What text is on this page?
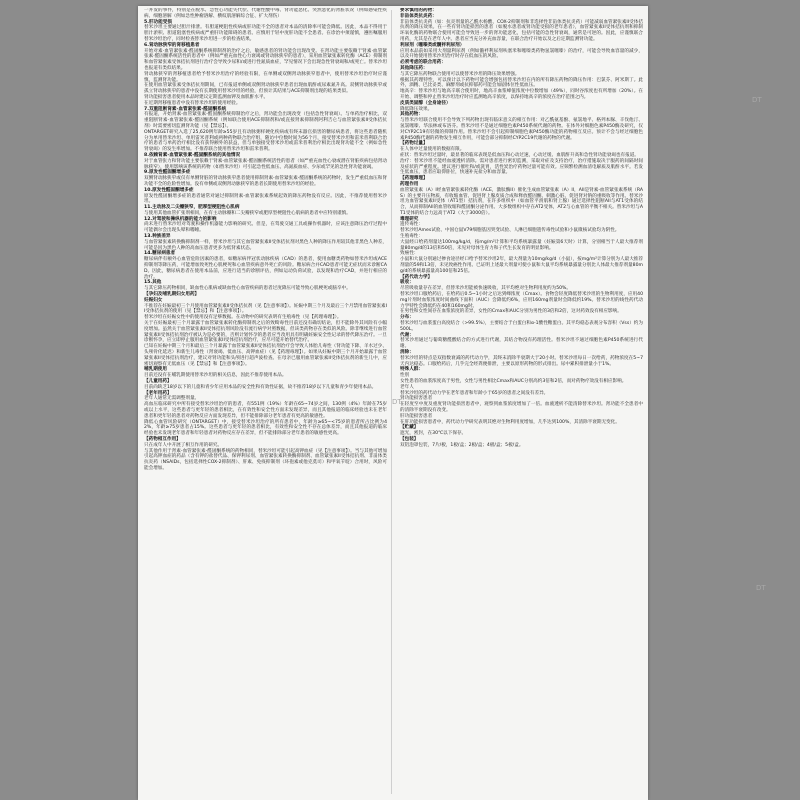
一并发的事件，特别是在脱水、急性心功能失代偿、代谢性酸中毒、肾功能恶化、突然恶化的肾脏状况（例如感染性疾病、细胞溶解（例如急性肿瘤溶解、横纹肌溶解综合征、扩大剂伤）

5.肝功能受损

替米沙坦主要通过胆汁排泄。有胆道梗阻性疾病或肝功能不全的患者对本品的清除率可能会降低。因此，本品不得用于胆汁淤积、胆道阻塞性疾病或严重肝功能障碍的患者。应慎用于轻中度肝功能不全患者。在诊治中须谨慎，遵医嘱服用替米沙坦治疗，同时检查替米沙坦进一步的检查结果。

6.肾动脉狭窄的肾移植患者

开始对素·血管紧张素·醛固酮系统抑制剂的治疗之后，敏感患者的肾功能会出现改变。在肾功能主要依赖于肾素·血管紧张素·醛固酮系统活性的患者中（例如严重充血性心力衰竭或肾动脉狭窄的患者），采用血管紧张素转化酶（ACE）抑制剂和血管紧张素受体拮抗剂进行治疗会导致少尿和/或进行性氮质血症，罕见情况下会出现急性肾衰竭和/或死亡。替米沙坦也报道有类似结果。

肾动脉狭窄的肾移植患者给予替米沙坦治疗的经验有限，在单侧或双侧肾动脉狭窄患者中，使用替米沙坦治疗时应谨慎，监测肾功能。

在使用血管紧张素受体拮抗剂期间，已有报道单侧或双侧肾动脉狭窄患者出现血肌酐或尿素氮升高。双侧肾动脉狭窄或孤立肾动脉狭窄的患者中没有长期使用替米沙坦的经验，但预计其结果与ACE抑制剂出现的结果类似。

肾功能损害患者使用本品时建议定期监测血钾及血肌酐水平。

在近期肾移植患者中没有替米沙坦的使用经验。

7.双重阻断肾素-血管紧张素-醛固酮系统

有报道，开始肾素-血管紧张素-醛固酮系统抑制治疗之后，肾功能会出现改变（包括急性肾衰竭）。与单药治疗相比，双重阻断肾素-血管紧张素-醛固酮系统（例如联合使用ACE抑制剂和/或直接肾素抑制剂阿利吉仑与血管紧张素II受体拮抗剂）时需要密切监测肾功能（见【禁忌】）。

ONTARGET研究入选了25,620例年龄≥55岁且有动脉粥样硬化疾病或有终末器官损害的糖尿病患者，将这些患者随机分为单用替米沙坦、单用雷米普利或两种药物联合治疗组，随访中位数时间为56个月，接受替米沙坦和雷米普利联合治疗的患者与单药治疗相比没有获得额外的获益，但与单独接受替米沙坦或雷米普利治疗相比出现肾功能不全（例如急性肾衰竭）的发生率增加。不推荐联合使用替米沙坦和雷米普利。

8.依赖肾素-血管紧张素-醛固酮系统的其他情况

对于血管张力和肾功能主要依赖于肾素-血管紧张素-醛固酮系统活性的患者（如严重充血性心衰或潜在肾脏疾病包括肾动脉狭窄），使用影响该系统的药物（如替米沙坦）可引起急性低血压、高氮质血症、少尿或罕见的急性肾功能衰竭。

9.原发性醛固酮增多症

双侧肾动脉狭窄或仅有单侧肾脏的肾动脉狭窄患者使用抑制肾素-血管紧张素-醛固酮系统的药物时，发生严重低血压和肾功能不全的危险性增加。没有单侧或双侧肾动脉狭窄的患者长期使用替米沙坦的经验。

10.原发性醛固酮增多症

原发性醛固酮增多症的患者通常对通过抑制肾素-血管紧张素系统起效的降压药物没有反应。因此，不推荐使用替米沙坦。

11.主动脉及二尖瓣狭窄，肥厚型梗阻性心肌病

与使用其他血管扩张剂相同，在有主动脉瓣和二尖瓣狭窄或肥厚型梗阻性心肌病的患者中应特别谨慎。

12.对驾驶和操纵机器的能力的影响

尚未进行替米沙坦对驾驶和操作机器能力影响的研究。但是，在驾驶交通工具或操作机器时，应该注意降压治疗过程中可能偶尔会出现头晕和嗜睡。

13.种族差异

与血管紧张素转换酶抑制剂一样，替米沙坦与其它血管紧张素II受体拮抗剂对黑色人种的降压作用较其他非黑色人种差，可能是因为黑色人种的高血压患者更多为低肾素状态。

14.糖尿病患者

糖尿病伴有额外心血管危险因素的患者，如糖尿病伴冠状动脉疾病（CAD）的患者，使用血糖类药物如替米沙坦或ACE抑制剂等降压药，可能增加致死性心肌梗死和心血管疾病意外死亡的风险。糖尿病合并CAD患者可能无症状而未诊断CAD。因此，糖尿病患者在使用本品前，应进行适当的诊断评估，例如运动负荷试验，以发现和治疗CAD，并进行相应的治疗。

15.其他

与其它降压药物相同，缺血性心肌病或缺血性心血管疾病的患者过度降压可能导致心肌梗死或脑卒中。

【孕妇及哺乳期妇女用药】

妊娠妇女

不推荐在妊娠最初三个月使用血管紧张素II受体拮抗剂（见【注意事项】）。妊娠中期三个月及最后三个月禁用血管紧张素II受体拮抗剂的使用（见【禁忌】和【注意事项】）。

替米沙坦在妊娠女性中的使用没有足够数据。在动物中的研究表明有生殖毒性（见【药理毒理】）。

关于在妊娠最初三个月暴露于血管紧张素转化酶抑制剂之后的致畸毒性目前还没有确切结论，但不能除外其风险有小幅度增加。虽然关于血管紧张素II受体拮抗剂风险没有流行病学对照数据，但该类药物存在类似的风险。除非继续进行血管紧张素II受体拮抗剂治疗被认为是必要的，否则计划怀孕的患者应当改用具有明确妊娠安全性记录的替代降压治疗。一旦诊断怀孕，应立即停止服用血管紧张素II受体拮抗剂治疗，应尽可能开始替代治疗。

已知在妊娠中期三个月和最后三个月暴露于血管紧张素II受体拮抗剂治疗会导致人体胎儿毒性（肾功能下降、羊水过少、头颅骨化延迟）和新生儿毒性（肾衰竭、低血压、高钾血症）（见【药理毒理】）。如果从妊娠中期三个月开始暴露于血管紧张素II受体拮抗剂治疗，建议对肾功能和头颅进行超声波检查。在母亲已服用血管紧张素II受体拮抗剂的新生儿中，应密切观察有无低血压（见【禁忌】和【注意事项】）。

哺乳期使用

目前还没有在哺乳期使用替米沙坦的相关信息，因此不推荐使用本品。

【儿童用药】

目前尚缺乏18岁以下的儿童和青少年应用本品的安全性和有效性证据，故不推荐18岁以下儿童和青少年使用本品。

【老年用药】

老年人通常无需调整剂量。

高血压临床研究中所有接受替米沙坦治疗的患者，有551例（19%）年龄在65~74岁之间，130例（4%）年龄在75岁或以上水平，这些患者与更年轻的患者相比，在有效性和安全性方面未发现差异，而且其他报道的临床经验也未在老年患者和更年轻的患者对药物反应方面发现差异，但不能排除部分老年患者有更高的敏感性。

降低心血管风险研究（ONTARGET）中，接受替米沙坦治疗的所有患者中，年龄为≥65~<75岁的患者所占比例为42%，年龄≥75岁患者占15%。这些患者与更年轻的患者相比，有效性和安全性不存在总体差异，而且其他报道的临床经验也未发现老年患者和年轻患者对药物反应存在差异，但不能排除部分老年患者的敏感性更高。

【药物相互作用】

只在成年人中开展了相互作用的研究。

与其他作用于肾素-血管紧张素-醛固酮系统的药物相同，替米沙坦可能引起高钾血症（见【注意事项】）。当与其他可增加引起高钾血症的药品（含有钾的盐替代品、保钾利尿剂、血管紧张素转换酶抑制剂、血管紧张素II受体拮抗剂、非甾体类抗炎药（NSAIDs，包括选择性COX-2抑制剂）、肝素、免疫抑制剂（环孢素或他克莫司）和甲氧苄啶）合用时，风险可能会增加。

要求慎用的药物：

非甾体类抗炎药：

非甾体类抗炎药（如：抗炎剂量的乙酰水杨酸、COX-2抑制剂和非选择性非甾体类抗炎药）可能减弱血管紧张素II受体拮抗剂的降压效果。在一些有肾功能损害的患者（如脱水患者或肾功能受损的老年患者），血管紧张素II受体拮抗剂和抑制环氧化酶的药物联合使用可能会导致进一步的肾功能恶化，包括可能的急性肾衰竭，通常是可逆的。因此，应谨慎联合用药，尤其是在老年人中。患者应当充分补充血容量，在联合治疗开始以及之后定期监测肾功能。

利尿剂（噻嗪类或髓袢利尿剂）

应用本品前如采用大剂量利尿剂（例如髓袢利尿剂呋塞米和噻嗪类药物氢氯噻嗪）的治疗，可能会导致血容量的减少，以及开始使用替米沙坦治疗时存在低血压的风险。

必须考虑的联合用药：

其他降压药：

与其它降压药物联合使用可以使替米沙坦的降压效果增强。

根据其药理特性，可以预计以下药物可能会增强包括替米沙坦在内的所有降压药物的降压作用：巴氯芬、阿米斯丁。此外，酒精、巴比妥类、麻醉剂或抗抑郁药可能会加剧体位性低血压。

地高辛：替米沙坦与地高辛联合使用时，地高辛血浆峰值浓度中位数增加（49%），同时谷浓度也有所增加（20%）。在开始、调整和停止替米沙坦治疗时应监测地高辛浓度，以保持地高辛的浓度在治疗范围之内。

皮质类固醇（全身途径）

降低降压效果。

其他药物：

与替米沙坦联合使用不会导致下列药物出现有临床意义的相互作用：对乙酰氨基酚、氨氯地平、格列本脲、辛伐他汀、氢氯噻嗪、华法林或布洛芬。替米沙坦不是通过细胞色素P450系统代谢的药物。在体外对细胞色素P450酶及研究，仅对CYP2C19有轻微的抑制作用。替米沙坦不会引起抑制细胞色素P450酶功能的药物相互反应。预计不会与经过细胞色素P450酶代谢的药物发生相互作用，可能会部分抑制经CYP2C19代谢的药物的代谢。

【药物过量】

在人体中过量使用的数据有限。

症状：替米沙坦过量时，最显著的临床表现是低血压和心动过速，心动过缓、血肌酐升高和急性肾功能衰竭也有报道。

治疗：替米沙坦不能经血液透析清除。需对患者进行密切监测，采取对症及支持治疗，治疗措施取决于服药的间隔时间及症状的严重程度。建议进行催吐和/或洗胃，活性炭治疗药物过量可能有效。应频繁检测血清电解质及肌酐水平。若发生低血压，患者应取仰卧位，快速补充盐分和血容量。

【药理毒理】

药理作用

血管紧张素（A）I经血管紧张素转化酶（ACE，激肽酶II）催化生成血管紧张素（A）II，AII是肾素-血管紧张素系统（RAS）的主要升压物质，有收缩血管、促进肾上腺皮质合成和释放醛固酮、刺激心脏、促进肾对钠的重吸收等作用。替米沙坦为血管紧张素II受体（AT1型）拮抗剂，在许多组织中（如血管平滑肌和肾上腺）通过选择性阻断AII与AT1受体的结合，从而抑制AII的血管收缩和醛固酮分泌作用。大多数组织中存在AT2受体，AT2与心血管的平衡不相关。替米沙坦与AT1受体的结合力远高于AT2（大于3000倍）。

毒理研究

遗传毒性：

替米沙坦Ames试验、中国仓鼠V79细胞基因突变试验、人淋巴细胞遗传毒性试验和小鼠微核试验均为阴性。

生殖毒性：

大鼠经口给药剂量达100mg/kg/d，按mg/m²计算和平均系统暴露量（妊娠第6天时）计算，分别相当于人最大推荐剂量80mg/d的13倍和50倍，未见对母体生育力和子代生长发育的明显影响。

致癌性：

小鼠和大鼠分别通过掺食途径经口给予替米沙坦2年，最大剂量为10mg/kg/d（小鼠），按mg/m²计算分别为人最大推荐剂量的59和13倍，未见致癌性作用。已证明上述最大剂量可使小鼠和大鼠平均系统暴露量分别比人体最大推荐剂量80mg/d的系统暴露量高100倍和25倍。

【药代动力学】

吸收：

尽管吸收量存在差异，但替米沙坦能被快速吸收，其平均绝对生物利用度约为50%。

替米沙坦口服给药后，在给药后0.5~1小时之后达到峰浓度（Cmax）。食物会轻度降低替米沙坦的生物利用度，应用40mg片剂时血浆浓度时间曲线下面积（AUC）会降低约6%，应用160mg剂量时会降低约19%。替米沙坦的线性药代动力学特性会降低约在40和160mg时。

在男性和女性间存在血浆浓度的差异，女性的Cmax和AUC分别为男性的3倍和2倍，这对药效没有相应影响。

分布：

替米沙坦与血浆蛋白高度结合（>99.5%），主要结合于白蛋白和α-1酸性糖蛋白。其平均稳态表观分布容积（Vss）约为500L。

代谢：

替米沙坦通过与葡萄糖醛酸结合的方式进行代谢，其结合物没有药理活性。替米沙坦不通过细胞色素P450系统进行代谢。

消除：

替米沙坦的特点是双指数衰减的药代动力学，其终末消除半衰期大于20小时。替米沙坦每日一次给药，药物浓度在5~7天内达稳态。口服给药后，几乎完全经粪便排泄，主要以原形药物的形式排出。尿中累积排泄量小于1%。

特殊人群：

性别

女性患者的血浆浓度高于男性，女性与男性相比Cmax和AUC分别高约3倍和2倍，而对药物疗效没有相应影响。

老年人

替米沙坦的药代动力学在老年患者和年龄小于65岁的患者之间没有差异。

肾功能损害患者

在轻度至中度及重度肾功能损害患者中，观察到血浆浓度增加了一倍。血液透析不能清除替米沙坦。肾功能不全患者中的清除半衰期没有改变。

肝功能损害患者

在肝功能损害患者中，药代动力学研究表明其绝对生物利用度增加，几乎达到100%，其清除半衰期无变化。

【贮藏】

遮光，密封，在30℃以下保存。

【包装】

双铝泡罩包装，7片/板，1板/盒；2板/盒；4板/盒；5板/盒。

DT
DT
DT
